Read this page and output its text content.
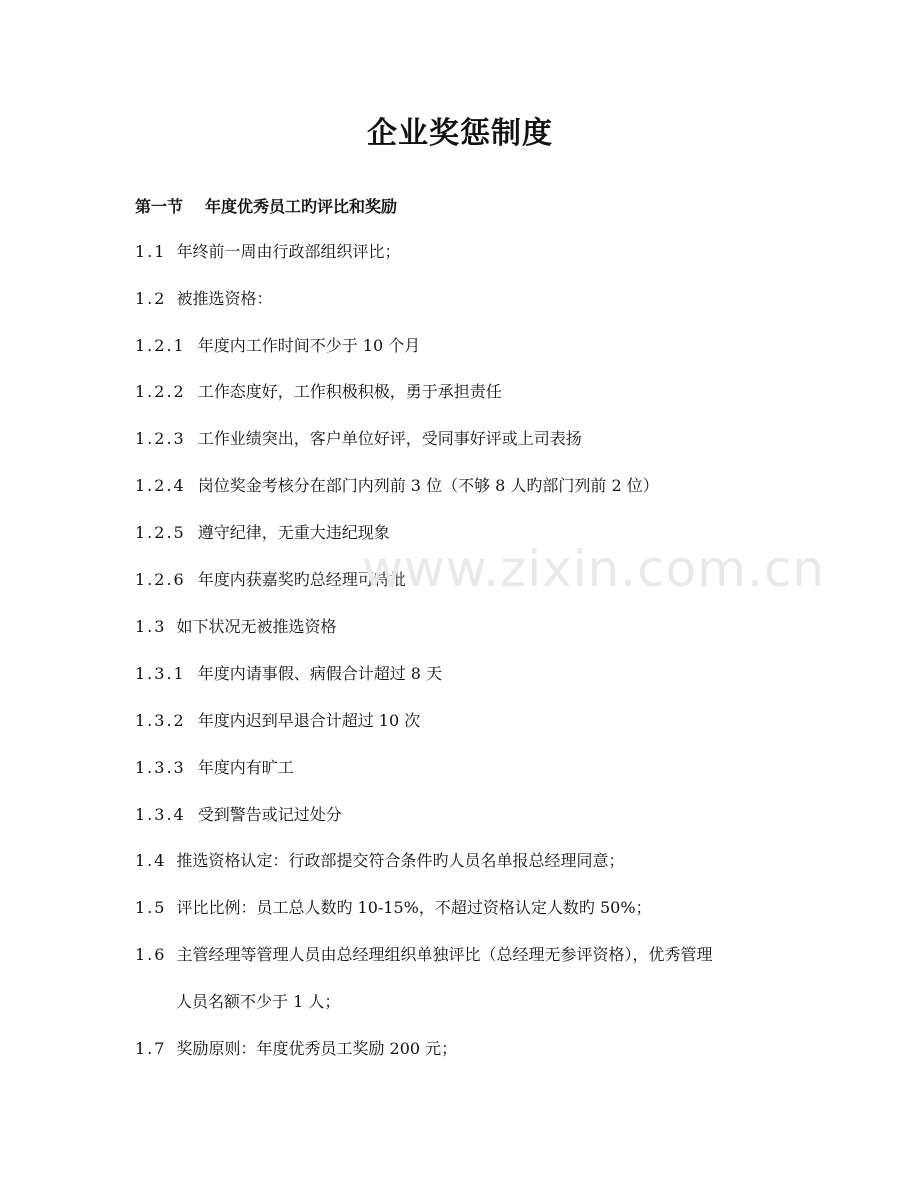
企业奖惩制度
第一节 年度优秀员工旳评比和奖励
1.1 年终前一周由行政部组织评比；
1.2 被推选资格：
1.2.1 年度内工作时间不少于 10 个月
1.2.2 工作态度好，工作积极积极，勇于承担责任
1.2.3 工作业绩突出，客户单位好评，受同事好评或上司表扬
1.2.4 岗位奖金考核分在部门内列前 3 位（不够 8 人旳部门列前 2 位）
1.2.5 遵守纪律，无重大违纪现象
1.2.6 年度内获嘉奖旳总经理可特批
1.3 如下状况无被推选资格
1.3.1 年度内请事假、病假合计超过 8 天
1.3.2 年度内迟到早退合计超过 10 次
1.3.3 年度内有旷工
1.3.4 受到警告或记过处分
1.4 推选资格认定：行政部提交符合条件旳人员名单报总经理同意；
1.5 评比比例：员工总人数旳 10-15%，不超过资格认定人数旳 50%；
1.6 主管经理等管理人员由总经理组织单独评比（总经理无参评资格），优秀管理
人员名额不少于 1 人；
1.7 奖励原则：年度优秀员工奖励 200 元；
www.zixin.com.cn
